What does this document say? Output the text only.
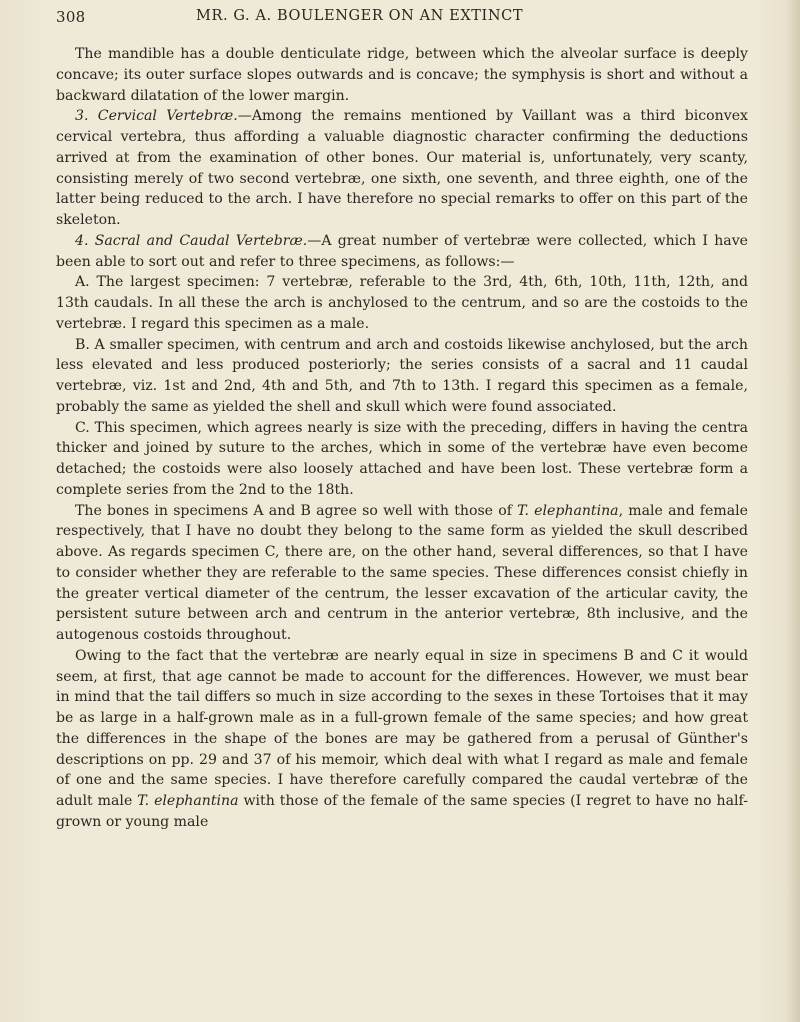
308	MR. G. A. BOULENGER ON AN EXTINCT

The mandible has a double denticulate ridge, between which the alveolar surface is deeply concave; its outer surface slopes outwards and is concave; the symphysis is short and without a backward dilatation of the lower margin.

3. Cervical Vertebræ.—Among the remains mentioned by Vaillant was a third biconvex cervical vertebra, thus affording a valuable diagnostic character confirming the deductions arrived at from the examination of other bones. Our material is, unfortunately, very scanty, consisting merely of two second vertebræ, one sixth, one seventh, and three eighth, one of the latter being reduced to the arch. I have therefore no special remarks to offer on this part of the skeleton.

4. Sacral and Caudal Vertebræ.—A great number of vertebræ were collected, which I have been able to sort out and refer to three specimens, as follows:—

A. The largest specimen: 7 vertebræ, referable to the 3rd, 4th, 6th, 10th, 11th, 12th, and 13th caudals. In all these the arch is anchylosed to the centrum, and so are the costoids to the vertebræ. I regard this specimen as a male.

B. A smaller specimen, with centrum and arch and costoids likewise anchylosed, but the arch less elevated and less produced posteriorly; the series consists of a sacral and 11 caudal vertebræ, viz. 1st and 2nd, 4th and 5th, and 7th to 13th. I regard this specimen as a female, probably the same as yielded the shell and skull which were found associated.

C. This specimen, which agrees nearly is size with the preceding, differs in having the centra thicker and joined by suture to the arches, which in some of the vertebræ have even become detached; the costoids were also loosely attached and have been lost. These vertebræ form a complete series from the 2nd to the 18th.

The bones in specimens A and B agree so well with those of T. elephantina, male and female respectively, that I have no doubt they belong to the same form as yielded the skull described above. As regards specimen C, there are, on the other hand, several differences, so that I have to consider whether they are referable to the same species. These differences consist chiefly in the greater vertical diameter of the centrum, the lesser excavation of the articular cavity, the persistent suture between arch and centrum in the anterior vertebræ, 8th inclusive, and the autogenous costoids throughout.

Owing to the fact that the vertebræ are nearly equal in size in specimens B and C it would seem, at first, that age cannot be made to account for the differences. However, we must bear in mind that the tail differs so much in size according to the sexes in these Tortoises that it may be as large in a half-grown male as in a full-grown female of the same species; and how great the differences in the shape of the bones are may be gathered from a perusal of Günther's descriptions on pp. 29 and 37 of his memoir, which deal with what I regard as male and female of one and the same species. I have therefore carefully compared the caudal vertebræ of the adult male T. elephantina with those of the female of the same species (I regret to have no half-grown or young male
